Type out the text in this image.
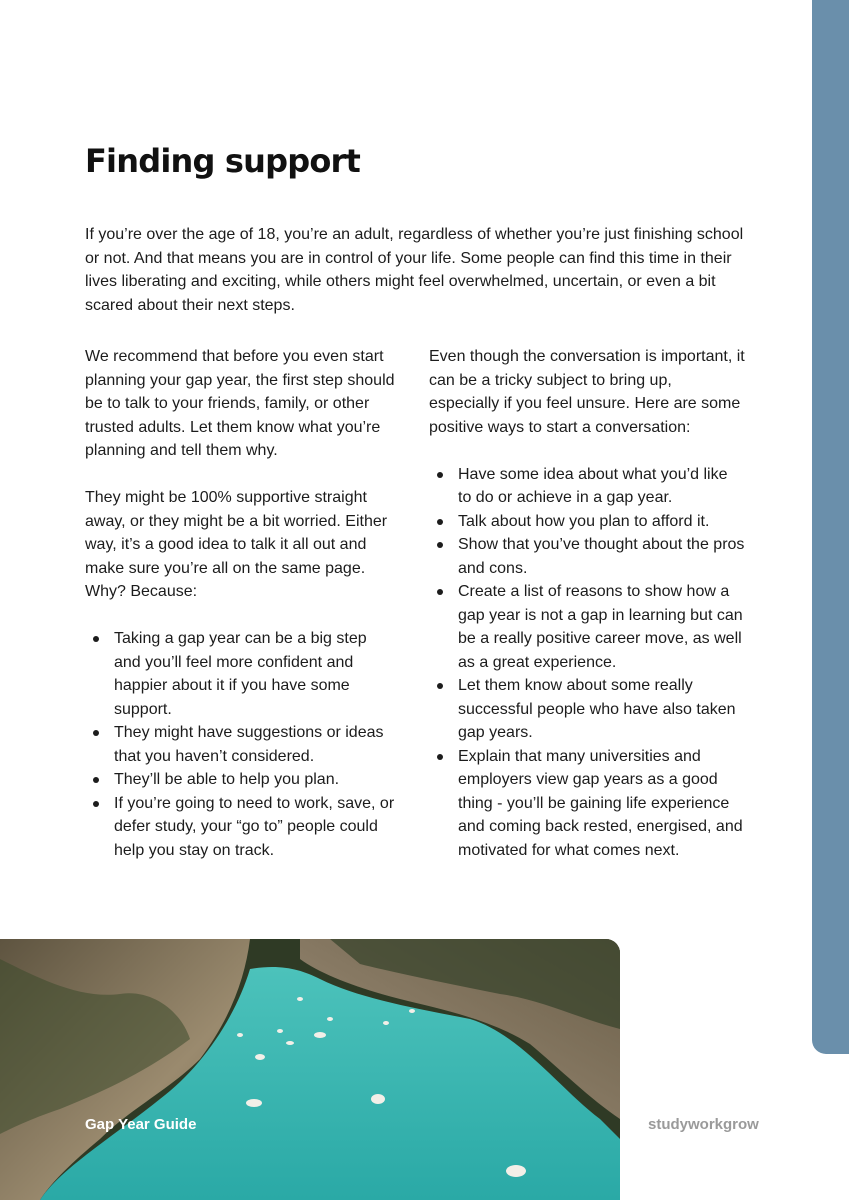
Finding support

If you’re over the age of 18, you’re an adult, regardless of whether you’re just finishing school or not. And that means you are in control of your life. Some people can find this time in their lives liberating and exciting, while others might feel overwhelmed, uncertain, or even a bit scared about their next steps.

We recommend that before you even start planning your gap year, the first step should be to talk to your friends, family, or other trusted adults. Let them know what you’re planning and tell them why.

They might be 100% supportive straight away, or they might be a bit worried. Either way, it’s a good idea to talk it all out and make sure you’re all on the same page. Why? Because:

Taking a gap year can be a big step and you’ll feel more confident and happier about it if you have some support.
They might have suggestions or ideas that you haven’t considered.
They’ll be able to help you plan.
If you’re going to need to work, save, or defer study, your “go to” people could help you stay on track.

Even though the conversation is important, it can be a tricky subject to bring up, especially if you feel unsure. Here are some positive ways to start a conversation:

Have some idea about what you’d like to do or achieve in a gap year.
Talk about how you plan to afford it.
Show that you’ve thought about the pros and cons.
Create a list of reasons to show how a gap year is not a gap in learning but can be a really positive career move, as well as a great experience.
Let them know about some really successful people who have also taken gap years.
Explain that many universities and employers view gap years as a good thing - you’ll be gaining life experience and coming back rested, energised, and motivated for what comes next.

Gap Year Guide	studyworkgrow
